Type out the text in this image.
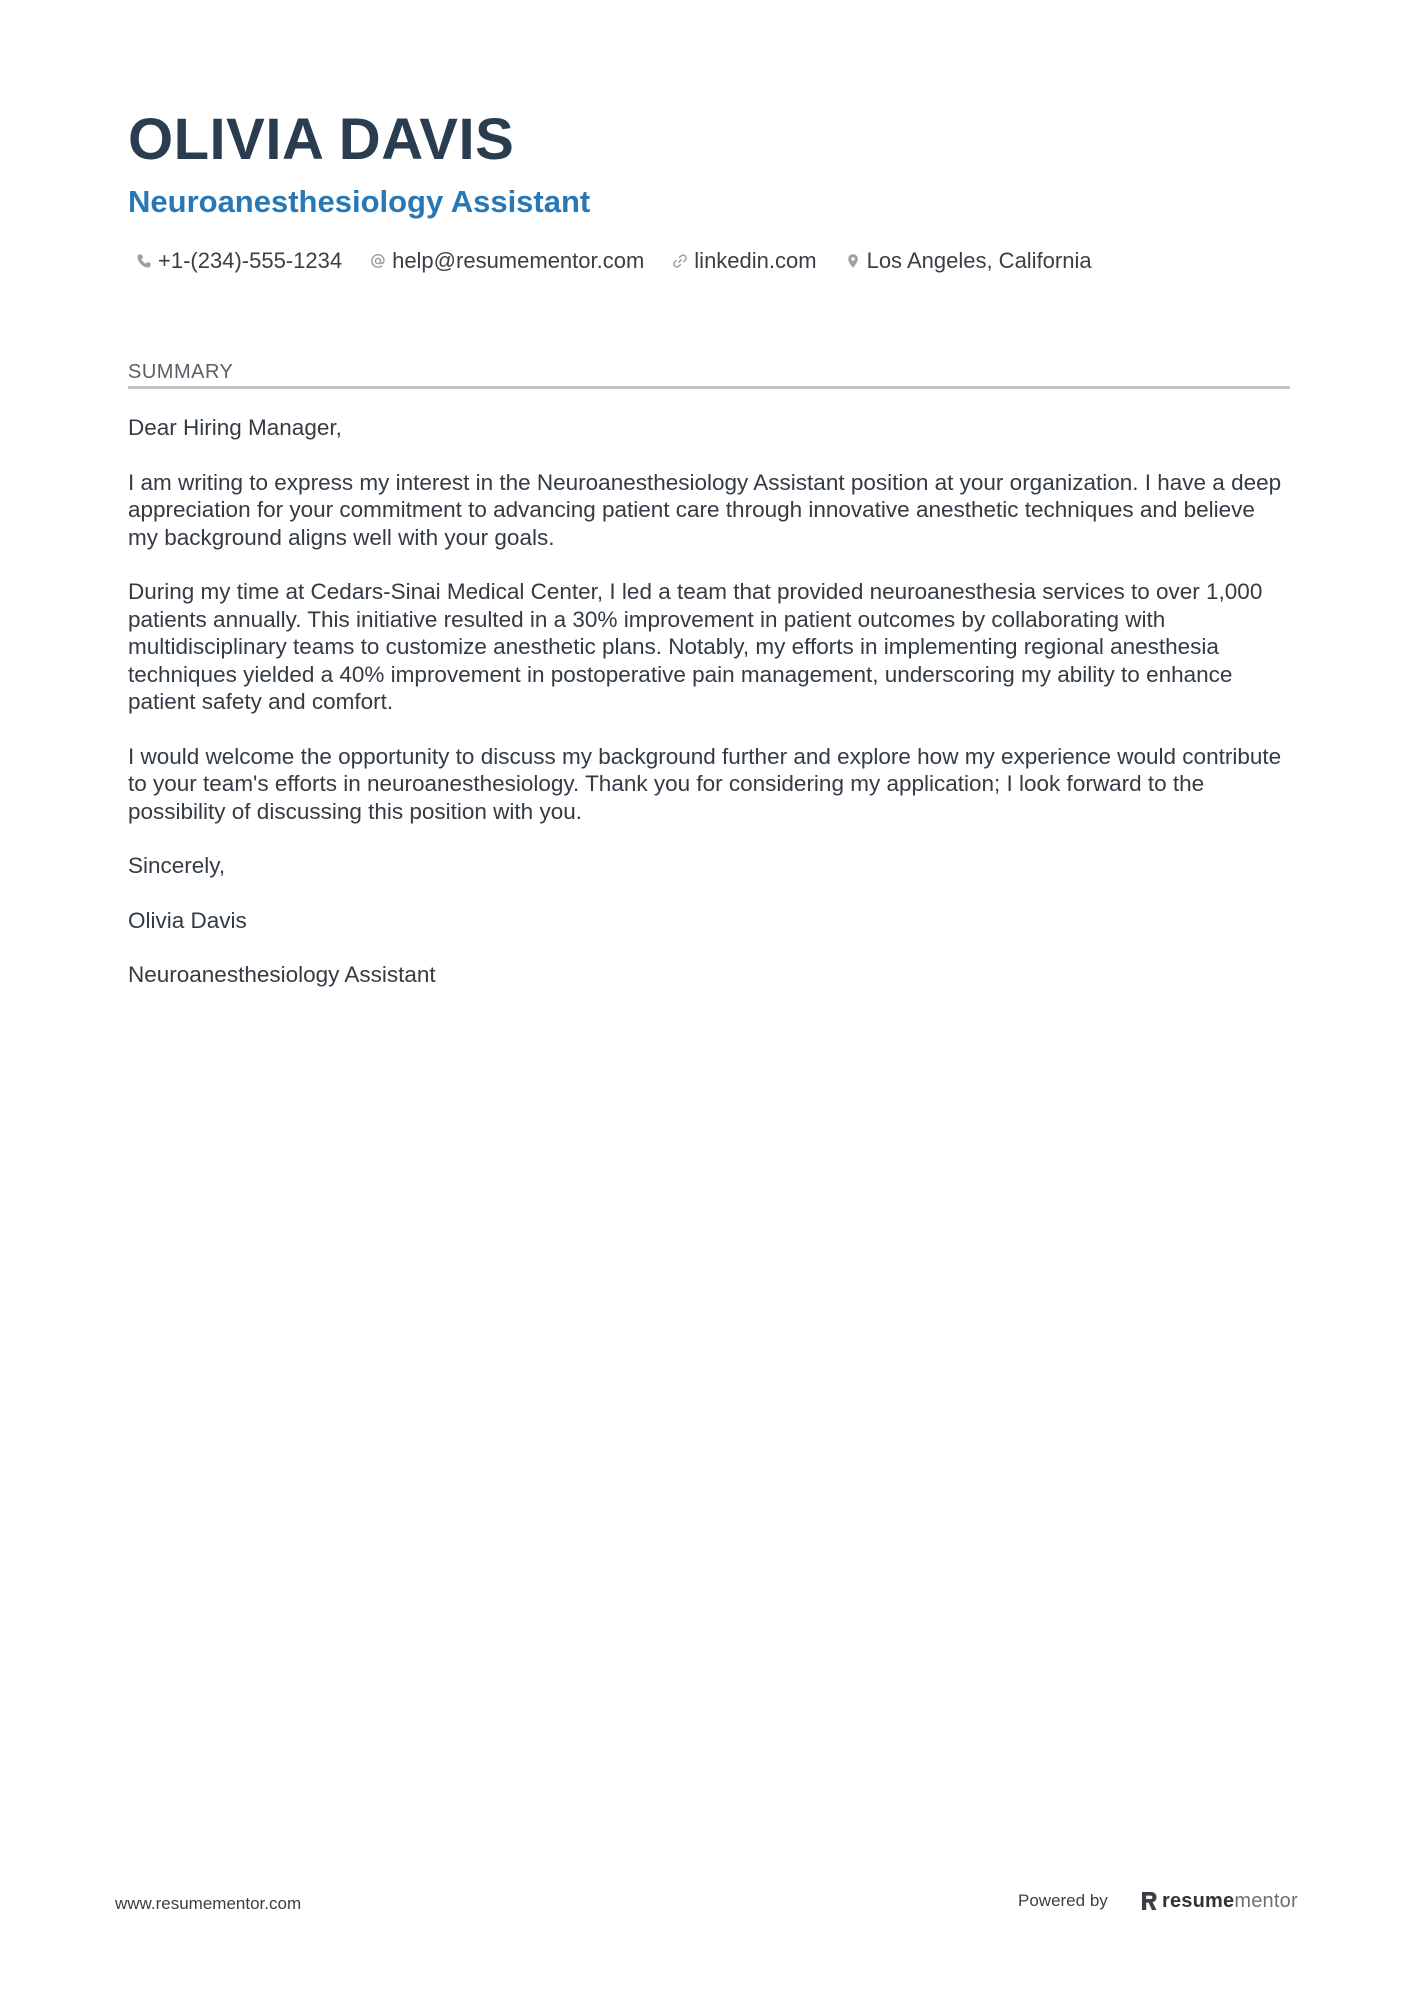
OLIVIA DAVIS
Neuroanesthesiology Assistant
+1-(234)-555-1234 help@resumementor.com linkedin.com Los Angeles, California
SUMMARY

Dear Hiring Manager,

I am writing to express my interest in the Neuroanesthesiology Assistant position at your organization. I have a deep appreciation for your commitment to advancing patient care through innovative anesthetic techniques and believe my background aligns well with your goals.

During my time at Cedars-Sinai Medical Center, I led a team that provided neuroanesthesia services to over 1,000 patients annually. This initiative resulted in a 30% improvement in patient outcomes by collaborating with multidisciplinary teams to customize anesthetic plans. Notably, my efforts in implementing regional anesthesia techniques yielded a 40% improvement in postoperative pain management, underscoring my ability to enhance patient safety and comfort.

I would welcome the opportunity to discuss my background further and explore how my experience would contribute to your team's efforts in neuroanesthesiology. Thank you for considering my application; I look forward to the possibility of discussing this position with you.

Sincerely,

Olivia Davis

Neuroanesthesiology Assistant

www.resumementor.com	Powered by	resumementor
